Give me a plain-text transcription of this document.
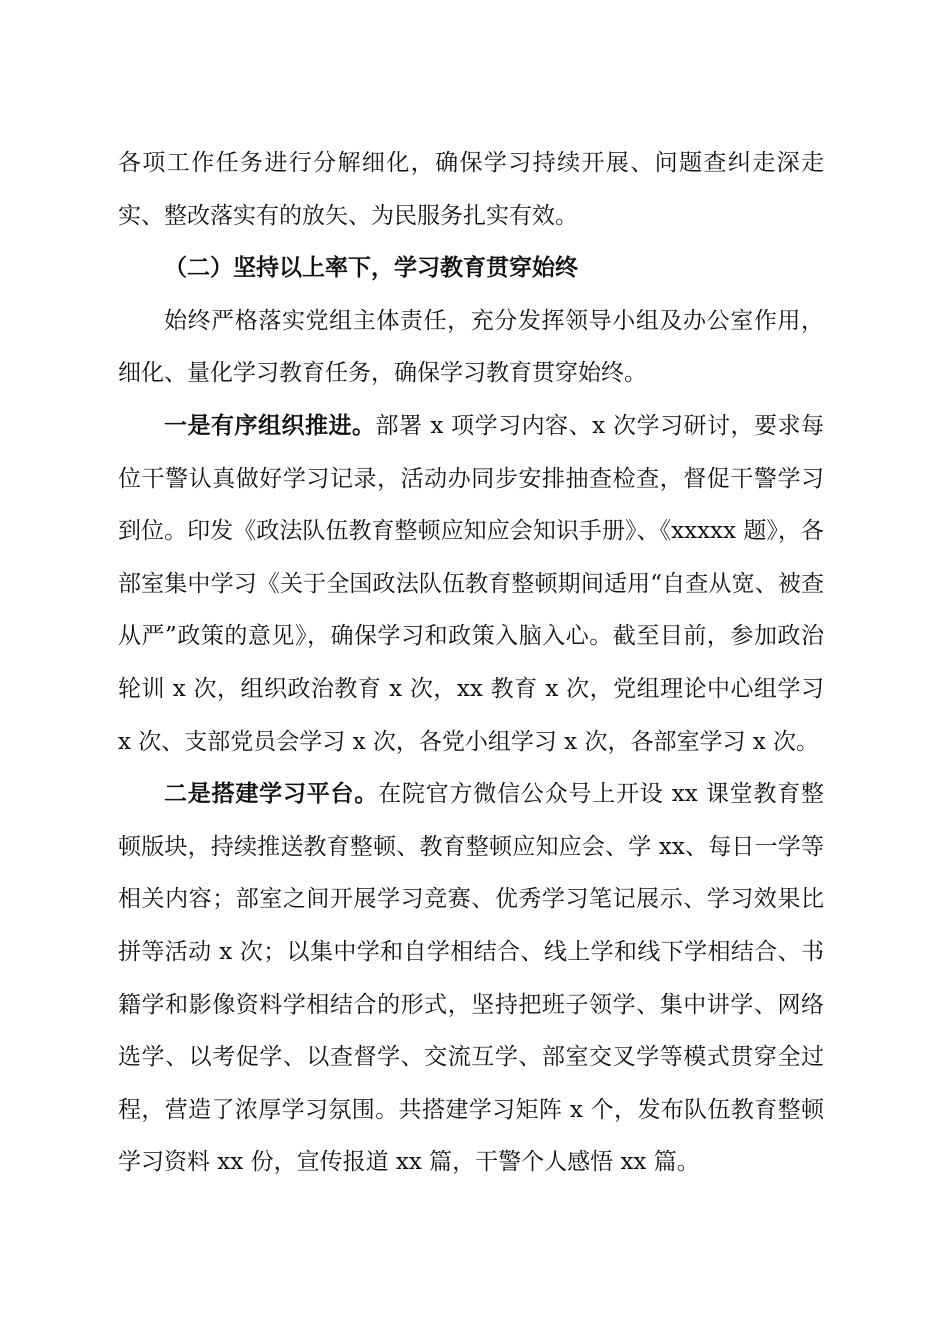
各项工作任务进行分解细化，确保学习持续开展、问题查纠走深走实、整改落实有的放矢、为民服务扎实有效。

（二）坚持以上率下，学习教育贯穿始终

始终严格落实党组主体责任，充分发挥领导小组及办公室作用，细化、量化学习教育任务，确保学习教育贯穿始终。

一是有序组织推进。部署 x 项学习内容、x 次学习研讨，要求每位干警认真做好学习记录，活动办同步安排抽查检查，督促干警学习到位。印发《政法队伍教育整顿应知应会知识手册》、《xxxxx 题》，各部室集中学习《关于全国政法队伍教育整顿期间适用“自查从宽、被查从严”政策的意见》，确保学习和政策入脑入心。截至目前，参加政治轮训 x 次，组织政治教育 x 次，xx 教育 x 次，党组理论中心组学习 x 次、支部党员会学习 x 次，各党小组学习 x 次，各部室学习 x 次。

二是搭建学习平台。在院官方微信公众号上开设 xx 课堂教育整顿版块，持续推送教育整顿、教育整顿应知应会、学 xx、每日一学等相关内容；部室之间开展学习竞赛、优秀学习笔记展示、学习效果比拼等活动 x 次；以集中学和自学相结合、线上学和线下学相结合、书籍学和影像资料学相结合的形式，坚持把班子领学、集中讲学、网络选学、以考促学、以查督学、交流互学、部室交叉学等模式贯穿全过程，营造了浓厚学习氛围。共搭建学习矩阵 x 个，发布队伍教育整顿学习资料 xx 份，宣传报道 xx 篇，干警个人感悟 xx 篇。
